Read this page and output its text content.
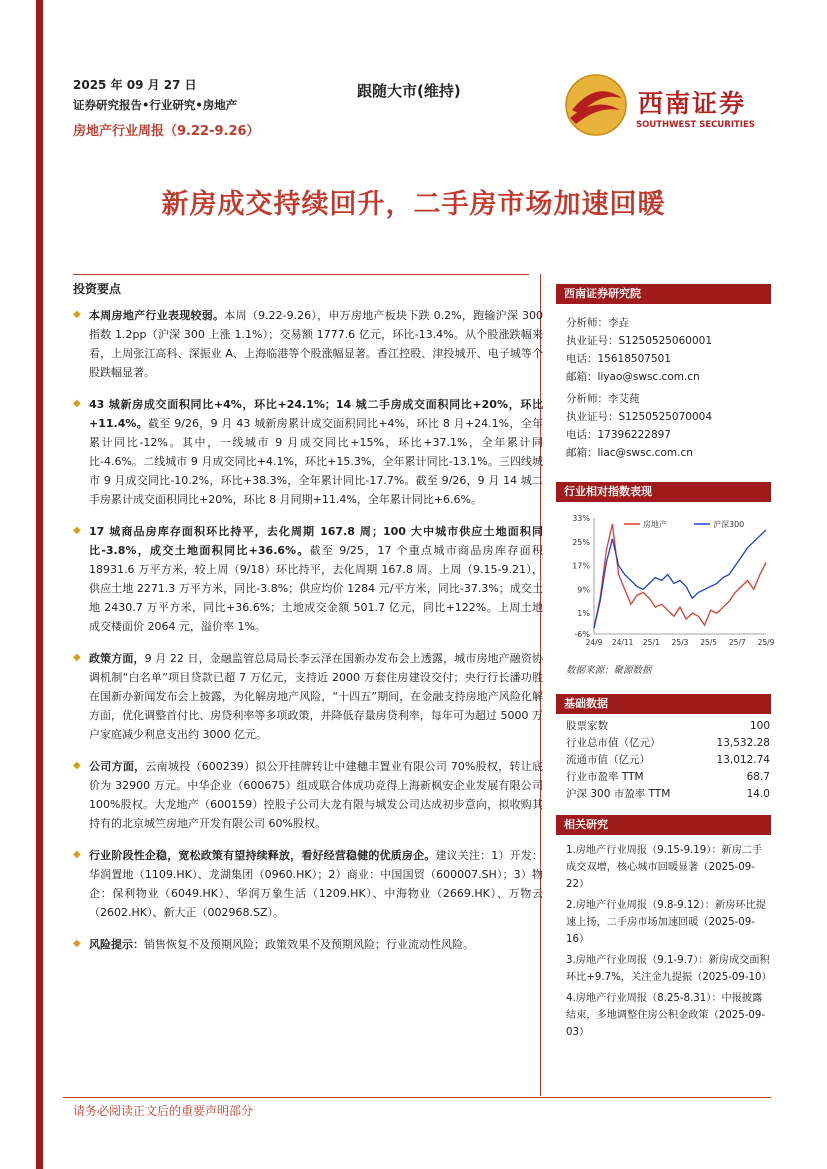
2025 年 09 月 27 日
证券研究报告•行业研究•房地产
房地产行业周报（9.22-9.26）
跟随大市(维持)	西南证券
SOUTHWEST SECURITIES
新房成交持续回升，二手房市场加速回暖
投资要点
◆ 本周房地产行业表现较弱。本周（9.22-9.26），申万房地产板块下跌 0.2%，跑输沪深 300 指数 1.2pp（沪深 300 上涨 1.1%）；交易额 1777.6 亿元，环比-13.4%。从个股涨跌幅来看，上周张江高科、深振业 A、上海临港等个股涨幅显著。香江控股、津投城开、电子城等个股跌幅显著。
◆ 43 城新房成交面积同比+4%，环比+24.1%；14 城二手房成交面积同比+20%，环比+11.4%。截至 9/26，9 月 43 城新房累计成交面积同比+4%，环比 8 月+24.1%，全年累计同比-12%。其中，一线城市 9 月成交同比+15%，环比+37.1%，全年累计同比-4.6%。二线城市 9 月成交同比+4.1%，环比+15.3%，全年累计同比-13.1%。三四线城市 9 月成交同比-10.2%，环比+38.3%，全年累计同比-17.7%。截至 9/26，9 月 14 城二手房累计成交面积同比+20%，环比 8 月同期+11.4%，全年累计同比+6.6%。
◆ 17 城商品房库存面积环比持平，去化周期 167.8 周；100 大中城市供应土地面积同比-3.8%，成交土地面积同比+36.6%。截至 9/25，17 个重点城市商品房库存面积 18931.6 万平方米，较上周（9/18）环比持平，去化周期 167.8 周。上周（9.15-9.21），供应土地 2271.3 万平方米，同比-3.8%；供应均价 1284 元/平方米，同比-37.3%；成交土地 2430.7 万平方米，同比+36.6%；土地成交金额 501.7 亿元，同比+122%。上周土地成交楼面价 2064 元，溢价率 1%。
◆ 政策方面，9 月 22 日，金融监管总局局长李云泽在国新办发布会上透露，城市房地产融资协调机制“白名单”项目贷款已超 7 万亿元，支持近 2000 万套住房建设交付；央行行长潘功胜在国新办新闻发布会上披露，为化解房地产风险，“十四五”期间，在金融支持房地产风险化解方面，优化调整首付比、房贷利率等多项政策，并降低存量房贷利率，每年可为超过 5000 万户家庭减少利息支出约 3000 亿元。
◆ 公司方面，云南城投（600239）拟公开挂牌转让中建穗丰置业有限公司 70%股权，转让底价为 32900 万元。中华企业（600675）组成联合体成功竞得上海新枫安企业发展有限公司 100%股权。大龙地产（600159）控股子公司大龙有限与城发公司达成初步意向，拟收购其持有的北京城竺房地产开发有限公司 60%股权。
◆ 行业阶段性企稳，宽松政策有望持续释放，看好经营稳健的优质房企。建议关注：1）开发：华润置地（1109.HK）、龙湖集团（0960.HK）；2）商业：中国国贸（600007.SH）；3）物企：保利物业（6049.HK）、华润万象生活（1209.HK）、中海物业（2669.HK）、万物云（2602.HK）、新大正（002968.SZ）。
◆ 风险提示：销售恢复不及预期风险；政策效果不及预期风险；行业流动性风险。
西南证券研究院
分析师：李垚
执业证号：S1250525060001
电话：15618507501
邮箱：liyao@swsc.com.cn
分析师：李艾莼
执业证号：S1250525070004
电话：17396222897
邮箱：liac@swsc.com.cn
行业相对指数表现
33%
25%
17%
9%
1%
-6%
24/9 24/11 25/1 25/3 25/5 25/7 25/9
房地产	沪深300
数据来源：聚源数据
基础数据
股票家数	100
行业总市值（亿元）	13,532.28
流通市值（亿元）	13,012.74
行业市盈率 TTM	68.7
沪深 300 市盈率 TTM	14.0
相关研究
1.房地产行业周报（9.15-9.19）：新房二手成交双增，核心城市回暖显著（2025-09-22）
2.房地产行业周报（9.8-9.12）：新房环比提速上扬，二手房市场加速回暖（2025-09-16）
3.房地产行业周报（9.1-9.7）：新房成交面积环比+9.7%，关注金九提振（2025-09-10）
4.房地产行业周报（8.25-8.31）：中报披露结束，多地调整住房公积金政策（2025-09-03）
请务必阅读正文后的重要声明部分
